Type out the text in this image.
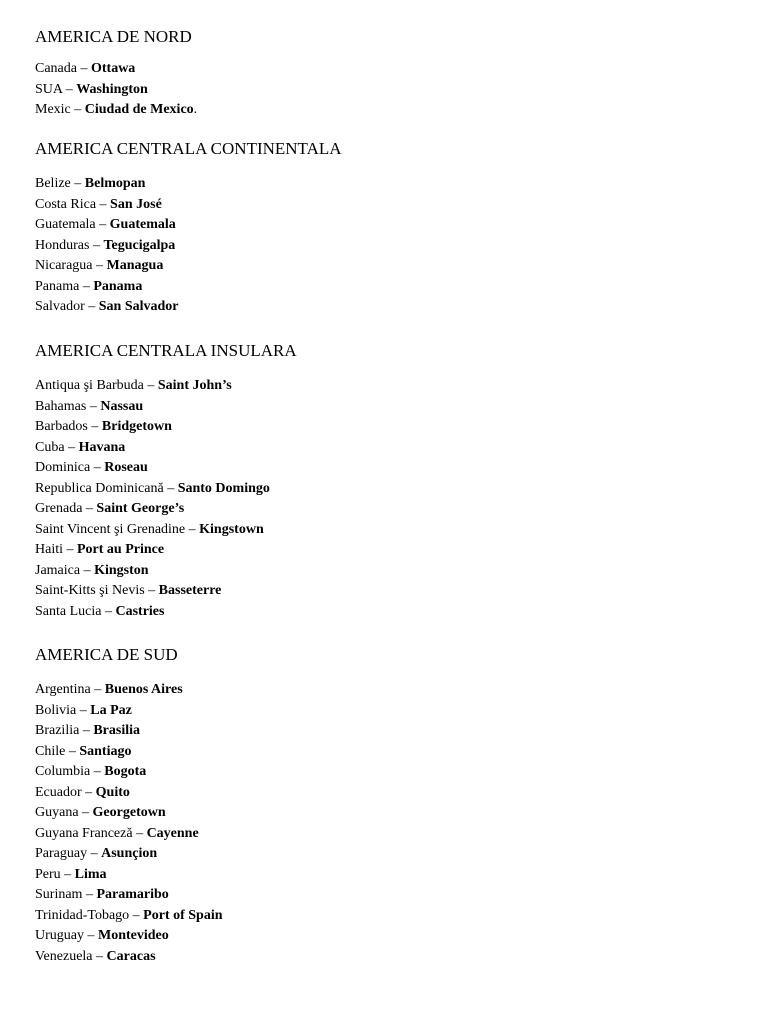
AMERICA DE NORD
Canada – Ottawa
SUA – Washington
Mexic – Ciudad de Mexico.
AMERICA CENTRALA CONTINENTALA
Belize – Belmopan
Costa Rica – San José
Guatemala – Guatemala
Honduras – Tegucigalpa
Nicaragua – Managua
Panama – Panama
Salvador – San Salvador
AMERICA CENTRALA INSULARA
Antiqua şi Barbuda – Saint John’s
Bahamas – Nassau
Barbados – Bridgetown
Cuba – Havana
Dominica – Roseau
Republica Dominicană – Santo Domingo
Grenada – Saint George’s
Saint Vincent şi Grenadine – Kingstown
Haiti – Port au Prince
Jamaica – Kingston
Saint-Kitts şi Nevis – Basseterre
Santa Lucia – Castries
AMERICA DE SUD
Argentina – Buenos Aires
Bolivia – La Paz
Brazilia – Brasilia
Chile – Santiago
Columbia – Bogota
Ecuador – Quito
Guyana – Georgetown
Guyana Franceză – Cayenne
Paraguay – Asunçion
Peru – Lima
Surinam – Paramaribo
Trinidad-Tobago – Port of Spain
Uruguay – Montevideo
Venezuela – Caracas
